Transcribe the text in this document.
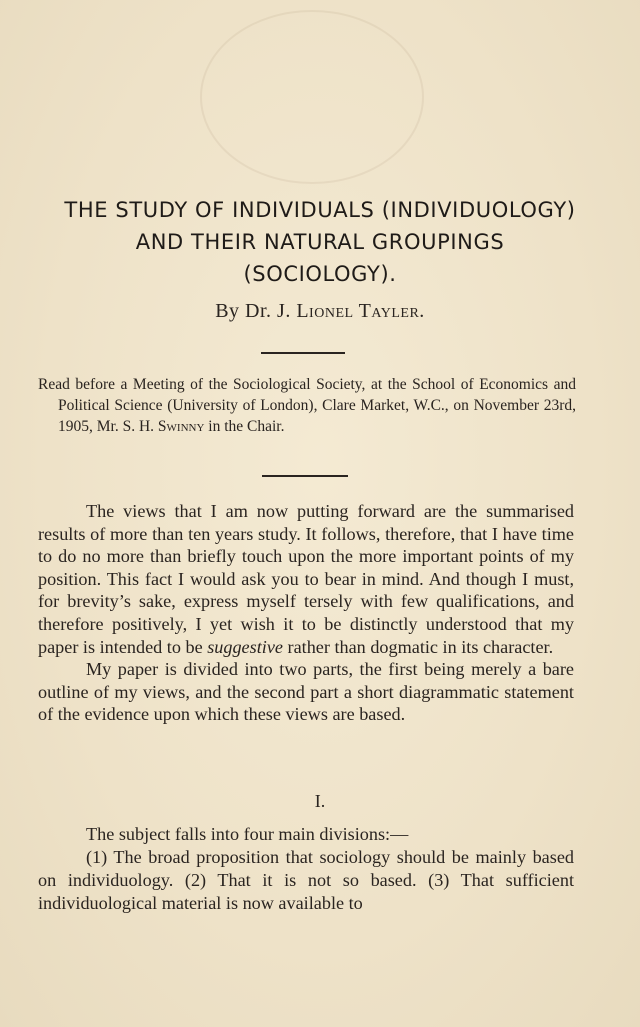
THE STUDY OF INDIVIDUALS (INDIVIDUOLOGY)
AND THEIR NATURAL GROUPINGS
(SOCIOLOGY).
By Dr. J. Lionel Tayler.
Read before a Meeting of the Sociological Society, at the School of Economics and Political Science (University of London), Clare Market, W.C., on November 23rd, 1905, Mr. S. H. Swinny in the Chair.

The views that I am now putting forward are the summarised results of more than ten years study. It follows, therefore, that I have time to do no more than briefly touch upon the more important points of my position. This fact I would ask you to bear in mind. And though I must, for brevity’s sake, express myself tersely with few qualifications, and therefore positively, I yet wish it to be distinctly understood that my paper is intended to be suggestive rather than dogmatic in its character.

My paper is divided into two parts, the first being merely a bare outline of my views, and the second part a short diagrammatic statement of the evidence upon which these views are based.

I.

The subject falls into four main divisions:—

(1) The broad proposition that sociology should be mainly based on individuology. (2) That it is not so based. (3) That sufficient individuological material is now available to
